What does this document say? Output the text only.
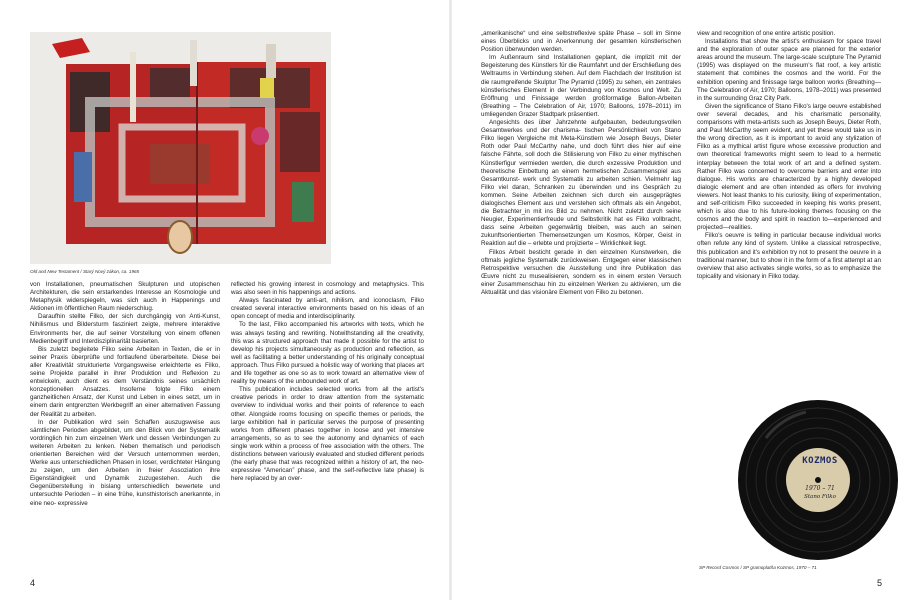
Old and New Testament / Starý Nový zákon, ca. 1965

von Installationen, pneumatischen Skulpturen und utopischen Architekturen, die sein erstarkendes Interesse an Kosmologie und Metaphysik widerspiegeln, was sich auch in Happenings und Aktionen im öffentlichen Raum niederschlug.

Daraufhin stellte Filko, der sich durchgängig von Anti-Kunst, Nihilismus und Bildersturm fasziniert zeigte, mehrere interaktive Environments her, die auf seiner Vorstellung von einem offenen Medienbegriff und Interdisziplinarität basierten.

Bis zuletzt begleitete Filko seine Arbeiten in Texten, die er in seiner Praxis überprüfte und fortlaufend überarbeitete. Diese bei aller Kreativität strukturierte Vorgangsweise erleichterte es Filko, seine Projekte parallel in ihrer Produktion und Reflexion zu entwickeln, auch dient es dem Verständnis seines ursächlich konzeptionellen Ansatzes. Insoferne folgte Filko einem ganzheitlichen Ansatz, der Kunst und Leben in eines setzt, um in einem darin entgrenzten Werkbegriff an einer alternativen Fassung der Realität zu arbeiten.

In der Publikation wird sein Schaffen auszugsweise aus sämtlichen Perioden abgebildet, um den Blick von der Systematik vordringlich hin zum einzelnen Werk und dessen Verbindungen zu weiteren Arbeiten zu lenken. Neben thematisch und periodisch orientierten Bereichen wird der Versuch unternommen werden, Werke aus unterschiedlichen Phasen in loser, verdichteter Hängung zu zeigen, um den Arbeiten in freier Assoziation ihre Eigenständigkeit und Dynamik zuzugestehen. Auch die Gegenüberstellung in bislang unterschiedlich bewertete und untersuchte Perioden – in eine frühe, kunsthistorisch anerkannte, in eine neo- expressive

reflected his growing interest in cosmology and metaphysics. This was also seen in his happenings and actions.

Always fascinated by anti-art, nihilism, and iconoclasm, Filko created several interactive environments based on his ideas of an open concept of media and interdisciplinarity.

To the last, Filko accompanied his artworks with texts, which he was always testing and rewriting. Notwithstanding all the creativity, this was a structured approach that made it possible for the artist to develop his projects simultaneously as production and reflection, as well as facilitating a better understanding of his originally conceptual approach. Thus Filko pursued a holistic way of working that places art and life together as one so as to work toward an alternative view of reality by means of the unbounded work of art.

This publication includes selected works from all the artist's creative periods in order to draw attention from the systematic overview to individual works and their points of reference to each other. Alongside rooms focusing on specific themes or periods, the large exhibition hall in particular serves the purpose of presenting works from different phases together in loose and yet intensive arrangements, so as to see the autonomy and dynamics of each single work within a process of free association with the others. The distinctions between variously evaluated and studied different periods (the early phase that was recognized within a history of art, the neo-expressive “American” phase, and the self-reflective late phase) is here replaced by an over-

4

„amerikanische“ und eine selbstreflexive späte Phase – soll im Sinne eines Überblicks und in Anerkennung der gesamten künstlerischen Position überwunden werden.

Im Außenraum sind Installationen geplant, die implizit mit der Begeisterung des Künstlers für die Raumfahrt und der Erschließung des Weltraums in Verbindung stehen. Auf dem Flachdach der Institution ist die raumgreifende Skulptur The Pyramid (1995) zu sehen, ein zentrales künstlerisches Element in der Verbindung von Kosmos und Welt. Zu Eröffnung und Finissage werden großformatige Ballon-Arbeiten (Breathing – The Celebration of Air, 1970; Balloons, 1978–2011) im umliegenden Grazer Stadtpark präsentiert.

Angesichts des über Jahrzehnte aufgebauten, bedeutungsvollen Gesamtwerkes und der charisma- tischen Persönlichkeit von Stano Filko liegen Vergleiche mit Meta-Künstlern wie Joseph Beuys, Dieter Roth oder Paul McCarthy nahe, und doch führt dies hier auf eine falsche Fährte, soll doch die Stilisierung von Filko zu einer mythischen Künstlerfigur vermieden werden, die durch exzessive Produktion und theoretische Einbettung an einem hermetischen Zusammenspiel aus Gesamtkunst- werk und Systematik zu arbeiten schien. Vielmehr lag Filko viel daran, Schranken zu überwinden und ins Gespräch zu kommen. Seine Arbeiten zeichnen sich durch ein ausgeprägtes dialogisches Element aus und verstehen sich oftmals als ein Angebot, die Betrachter_in mit ins Bild zu nehmen. Nicht zuletzt durch seine Neugier, Experimentierfreude und Selbstkritik hat es Filko vollbracht, dass seine Arbeiten gegenwärtig bleiben, was auch an seinen zukunftsorientierten Themensetzungen um Kosmos, Körper, Geist in Reaktion auf die – erlebte und projizierte – Wirklichkeit liegt.

Filkos Arbeit besticht gerade in den einzelnen Kunstwerken, die oftmals jegliche Systematik zurückweisen. Entgegen einer klassischen Retrospektive versuchen die Ausstellung und ihre Publikation das Œuvre nicht zu musealisieren, sondern es in einem ersten Versuch einer Zusammenschau hin zu einzelnen Werken zu aktivieren, um die Aktualität und das visionäre Element von Filko zu betonen.

view and recognition of one entire artistic position.

Installations that show the artist's enthusiasm for space travel and the exploration of outer space are planned for the exterior areas around the museum. The large-scale sculpture The Pyramid (1995) was displayed on the museum's flat roof, a key artistic statement that combines the cosmos and the world. For the exhibition opening and finissage large balloon works (Breathing—The Celebration of Air, 1970; Balloons, 1978–2011) was presented in the surrounding Graz City Park.

Given the significance of Stano Filko's large oeuvre established over several decades, and his charismatic personality, comparisons with meta-artists such as Joseph Beuys, Dieter Roth, and Paul McCarthy seem evident, and yet these would take us in the wrong direction, as it is important to avoid any stylization of Filko as a mythical artist figure whose excessive production and own theoretical frameworks might seem to lead to a hermetic interplay between the total work of art and a defined system. Rather Filko was concerned to overcome barriers and enter into dialogue. His works are characterized by a highly developed dialogic element and are often intended as offers for involving viewers. Not least thanks to his curiosity, liking of experimentation, and self-criticism Filko succeeded in keeping his works present, which is also due to his future-looking themes focusing on the cosmos and the body and spirit in reaction to—experienced and projected—realities.

Filko's oeuvre is telling in particular because individual works often refute any kind of system. Unlike a classical retrospective, this publication and it's exhibition try not to present the oeuvre in a traditional manner, but to show it in the form of a first attempt at an overview that also activates single works, so as to emphasize the topicality and visionary in Filko today.

KOZMOS
1970 – 71
Stano Filko
SP Record Cosmos / SP gramoplatňa Kozmos, 1970 – 71
5
